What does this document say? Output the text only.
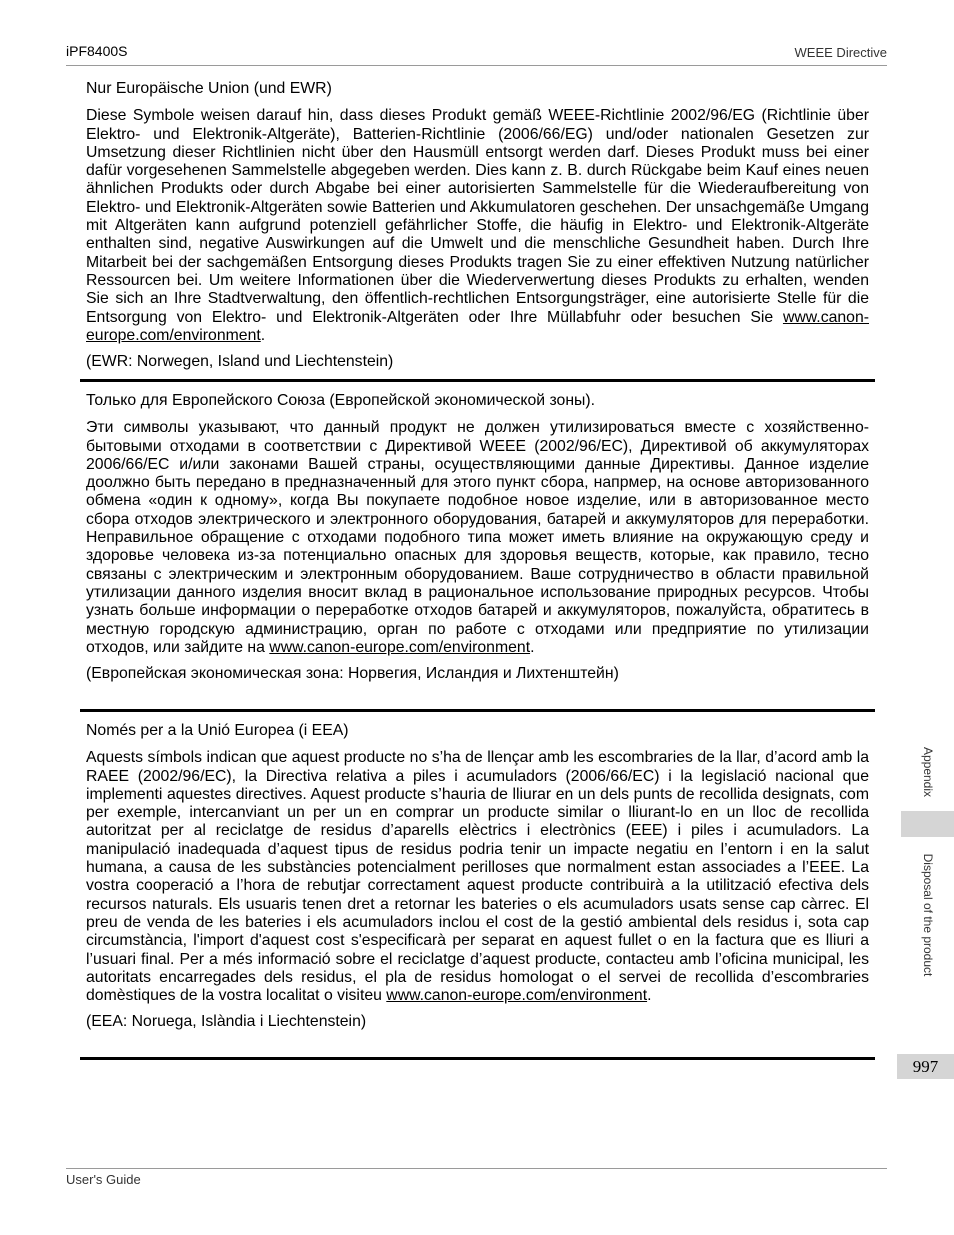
iPF8400S	WEEE Directive

Nur Europäische Union (und EWR)

Diese Symbole weisen darauf hin, dass dieses Produkt gemäß WEEE-Richtlinie 2002/96/EG (Richtlinie über Elektro- und Elektronik-Altgeräte), Batterien-Richtlinie (2006/66/EG) und/oder nationalen Gesetzen zur Umsetzung dieser Richtlinien nicht über den Hausmüll entsorgt werden darf. Dieses Produkt muss bei einer dafür vorgesehenen Sammelstelle abgegeben werden. Dies kann z. B. durch Rückgabe beim Kauf eines neuen ähnlichen Produkts oder durch Abgabe bei einer autorisierten Sammelstelle für die Wiederaufbereitung von Elektro- und Elektronik-Altgeräten sowie Batterien und Akkumulatoren geschehen. Der unsachgemäße Umgang mit Altgeräten kann aufgrund potenziell gefährlicher Stoffe, die häufig in Elektro- und Elektronik-Altgeräte enthalten sind, negative Auswirkungen auf die Umwelt und die menschliche Gesundheit haben. Durch Ihre Mitarbeit bei der sachgemäßen Entsorgung dieses Produkts tragen Sie zu einer effektiven Nutzung natürlicher Ressourcen bei. Um weitere Informationen über die Wiederverwertung dieses Produkts zu erhalten, wenden Sie sich an Ihre Stadtverwaltung, den öffentlich-rechtlichen Entsorgungsträger, eine autorisierte Stelle für die Entsorgung von Elektro- und Elektronik-Altgeräten oder Ihre Müllabfuhr oder besuchen Sie www.canon-europe.com/environment.

(EWR: Norwegen, Island und Liechtenstein)

Только для Европейского Союза (Европейской экономической зоны).

Эти символы указывают, что данный продукт не должен утилизироваться вместе с хозяйственно-бытовыми отходами в соответствии с Директивой WEEE (2002/96/EC), Директивой об аккумуляторах 2006/66/EC и/или законами Вашей страны, осуществляющими данные Директивы. Данное изделие доолжно быть передано в предназначенный для этого пункт сбора, напрмер, на основе авторизованного обмена «один к одному», когда Вы покупаете подобное новое изделие, или в авторизованное место сбора отходов электрического и электронного оборудования, батарей и аккумуляторов для переработки. Неправильное обращение с отходами подобного типа может иметь влияние на окружающую среду и здоровье человека из-за потенциально опасных для здоровья веществ, которые, как правило, тесно связаны с электрическим и электронным оборудованием. Ваше сотрудничество в области правильной утилизации данного изделия вносит вклад в рациональное использование природных ресурсов. Чтобы узнать больше информации о переработке отходов батарей и аккумуляторов, пожалуйста, обратитесь в местную городскую администрацию, орган по работе с отходами или предприятие по утилизации отходов, или зайдите на www.canon-europe.com/environment.

(Европейская экономическая зона: Норвегия, Исландия и Лихтенштейн)

Només per a la Unió Europea (i EEA)

Aquests símbols indican que aquest producte no s’ha de llençar amb les escombraries de la llar, d’acord amb la RAEE (2002/96/EC), la Directiva relativa a piles i acumuladors (2006/66/EC) i la legislació nacional que implementi aquestes directives. Aquest producte s’hauria de lliurar en un dels punts de recollida designats, com per exemple, intercanviant un per un en comprar un producte similar o lliurant-lo en un lloc de recollida autoritzat per al reciclatge de residus d’aparells elèctrics i electrònics (EEE) i piles i acumuladors. La manipulació inadequada d’aquest tipus de residus podria tenir un impacte negatiu en l’entorn i en la salut humana, a causa de les substàncies potencialment perilloses que normalment estan associades a l’EEE. La vostra cooperació a l’hora de rebutjar correctament aquest producte contribuirà a la utilització efectiva dels recursos naturals. Els usuaris tenen dret a retornar les bateries o els acumuladors usats sense cap càrrec. El preu de venda de les bateries i els acumuladors inclou el cost de la gestió ambiental dels residus i, sota cap circumstància, l'import d'aquest cost s'especificarà per separat en aquest fullet o en la factura que es lliuri a l’usuari final. Per a més informació sobre el reciclatge d’aquest producte, contacteu amb l’oficina municipal, les autoritats encarregades dels residus, el pla de residus homologat o el servei de recollida d’escombraries domèstiques de la vostra localitat o visiteu www.canon-europe.com/environment.

(EEA: Noruega, Islàndia i Liechtenstein)

Appendix
Disposal of the product
997
User's Guide
